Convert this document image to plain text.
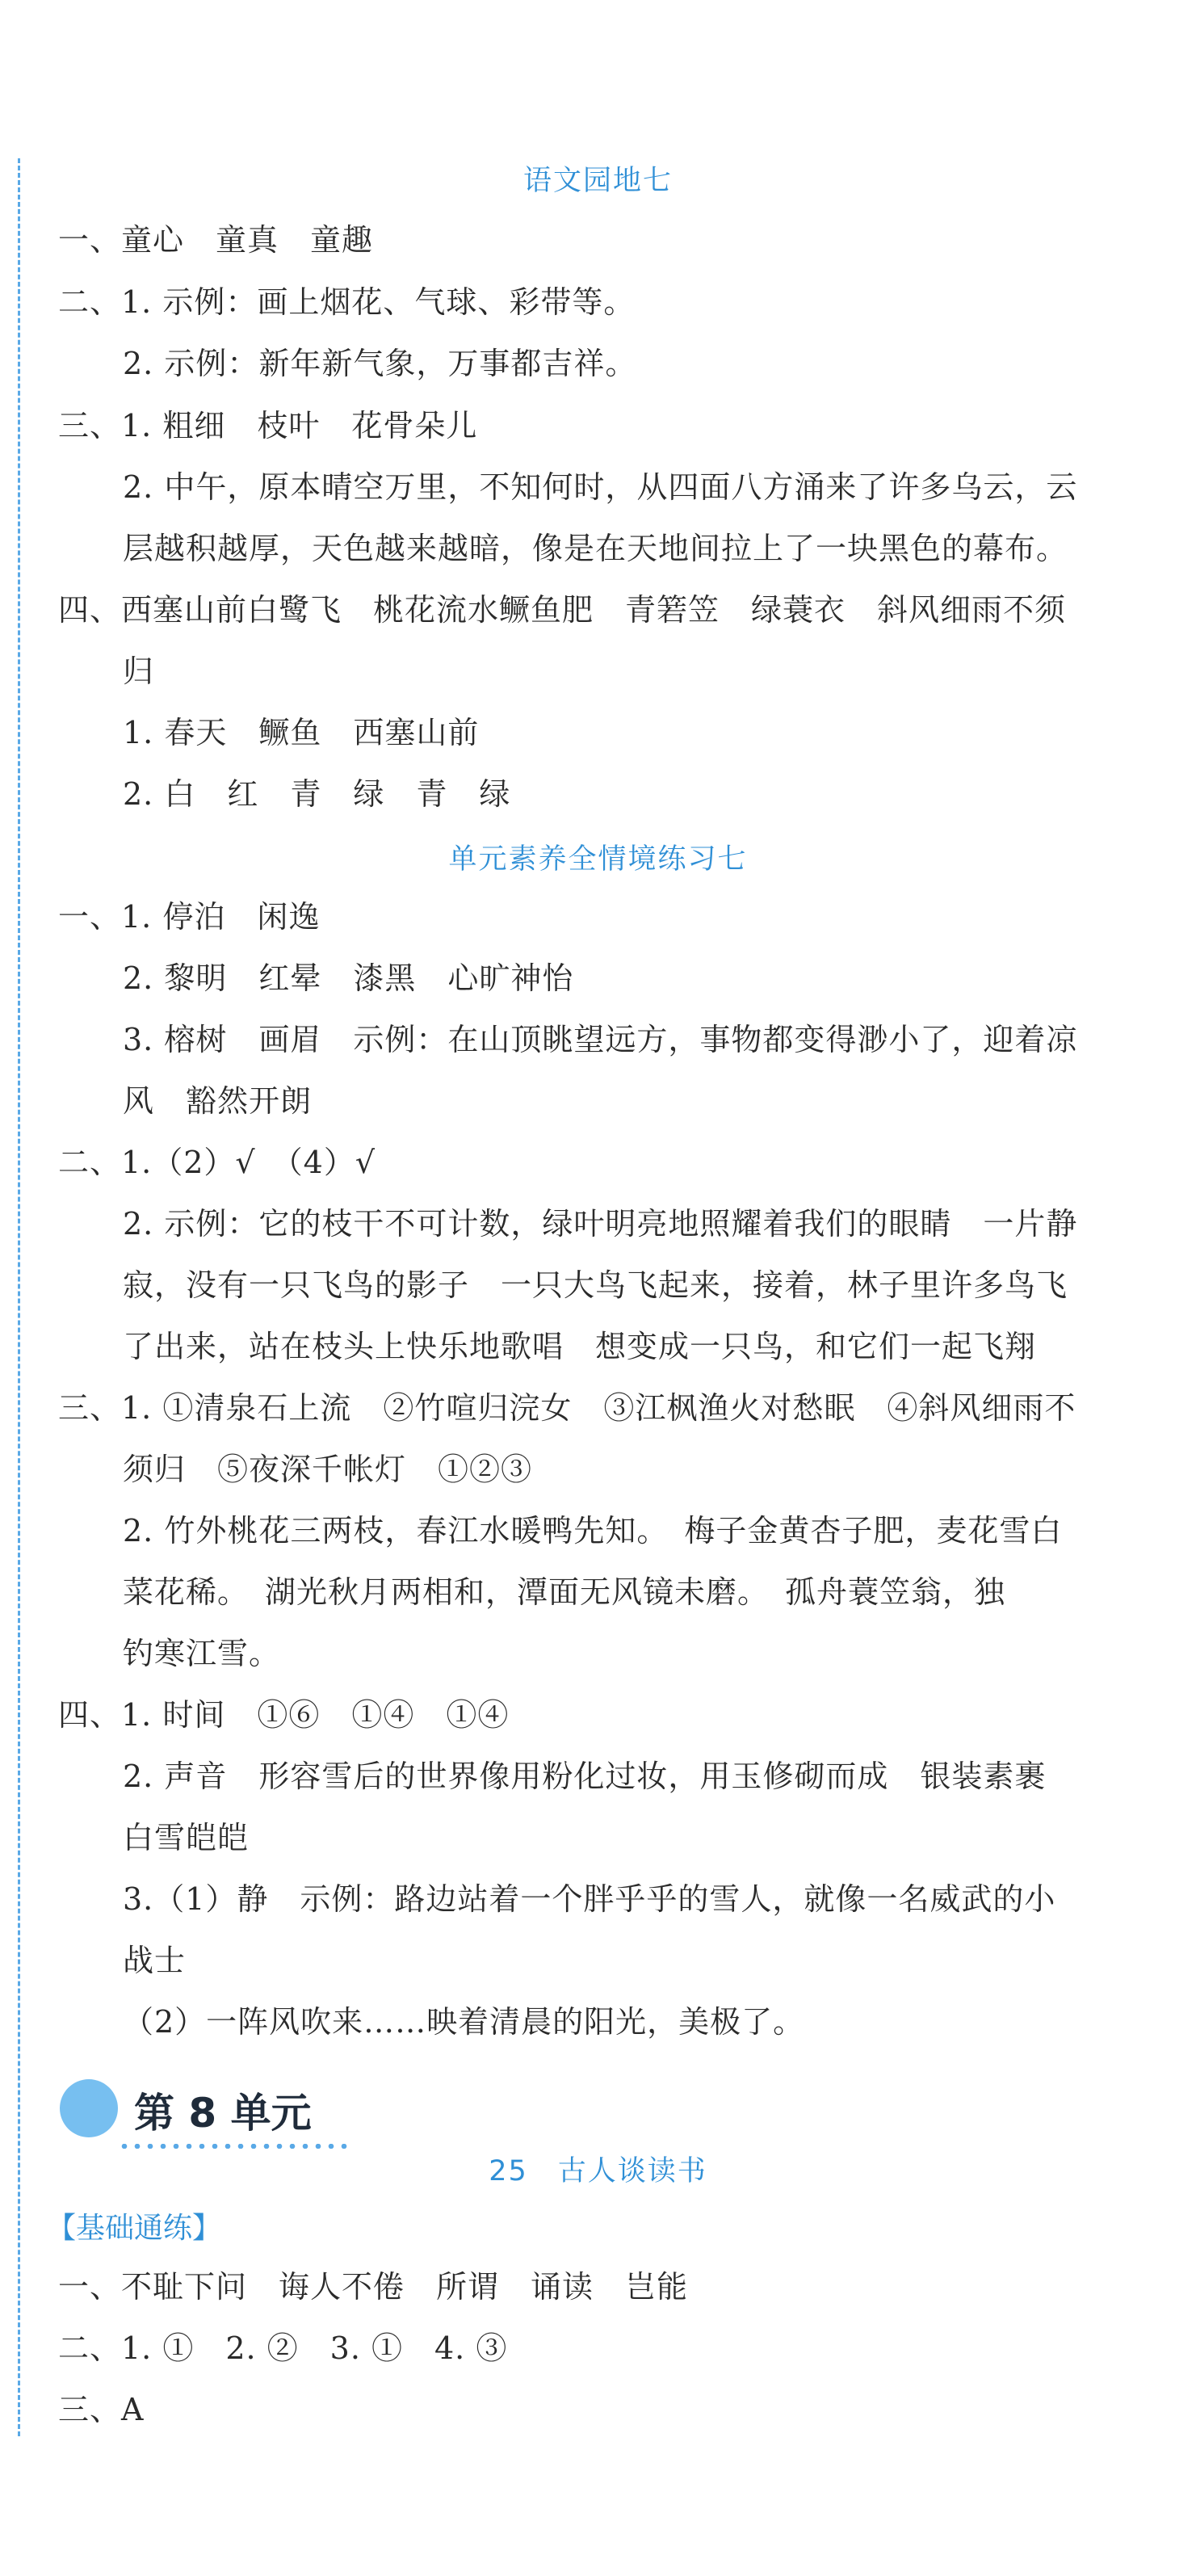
语文园地七
一、童心　童真　童趣
二、1. 示例：画上烟花、气球、彩带等。
2. 示例：新年新气象，万事都吉祥。
三、1. 粗细　枝叶　花骨朵儿
2. 中午，原本晴空万里，不知何时，从四面八方涌来了许多乌云，云
层越积越厚，天色越来越暗，像是在天地间拉上了一块黑色的幕布。
四、西塞山前白鹭飞　桃花流水鳜鱼肥　青箬笠　绿蓑衣　斜风细雨不须
归
1. 春天　鳜鱼　西塞山前
2. 白　红　青　绿　青　绿
单元素养全情境练习七
一、1. 停泊　闲逸
2. 黎明　红晕　漆黑　心旷神怡
3. 榕树　画眉　示例：在山顶眺望远方，事物都变得渺小了，迎着凉
风　豁然开朗
二、1.（2）√　（4）√
2. 示例：它的枝干不可计数，绿叶明亮地照耀着我们的眼睛　一片静
寂，没有一只飞鸟的影子　一只大鸟飞起来，接着，林子里许多鸟飞
了出来，站在枝头上快乐地歌唱　想变成一只鸟，和它们一起飞翔
三、1. ①清泉石上流　②竹喧归浣女　③江枫渔火对愁眠　④斜风细雨不
须归　⑤夜深千帐灯　①②③
2. 竹外桃花三两枝，春江水暖鸭先知。　梅子金黄杏子肥，麦花雪白
菜花稀。　湖光秋月两相和，潭面无风镜未磨。　孤舟蓑笠翁，独
钓寒江雪。
四、1. 时间　①⑥　①④　①④
2. 声音　形容雪后的世界像用粉化过妆，用玉修砌而成　银装素裹
白雪皑皑
3.（1）静　示例：路边站着一个胖乎乎的雪人，就像一名威武的小
战士
（2）一阵风吹来……映着清晨的阳光，美极了。
第 8 单元
25　古人谈读书
【基础通练】
一、不耻下问　诲人不倦　所谓　诵读　岂能
二、1. ①　2. ②　3. ①　4. ③
三、A
